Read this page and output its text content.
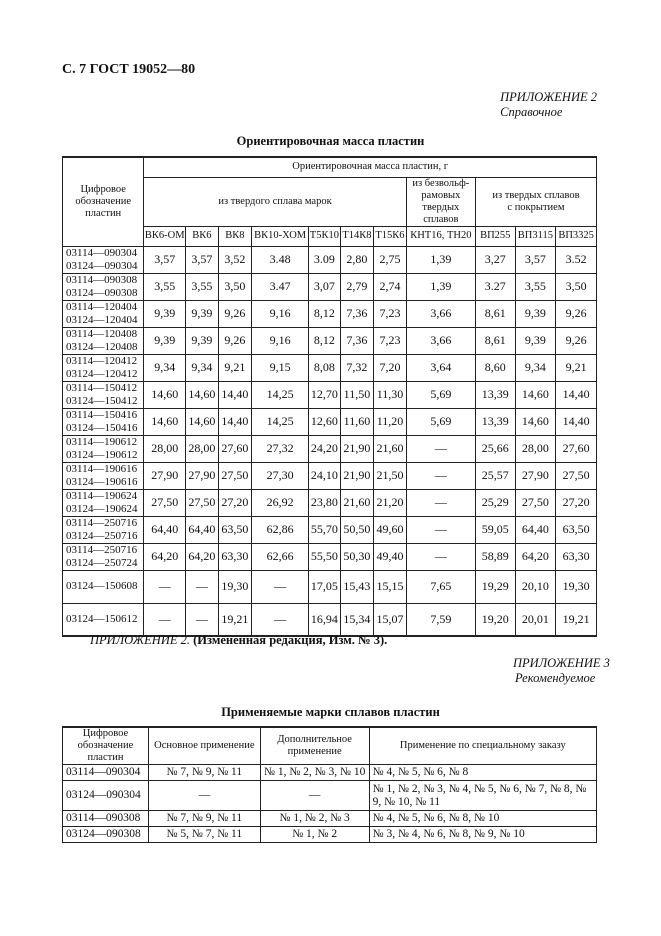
С. 7 ГОСТ 19052—80
ПРИЛОЖЕНИЕ 2
Справочное
Ориентировочная масса пластин
Цифровое обозначение пластин	Ориентировочная масса пластин, г										
	из твердого сплава марок							из безвольф-рамовых твердых сплавов	из твердых сплавов с покрытием		
	ВК6-ОМ	ВК6	ВК8	ВК10-ХОМ	Т5К10	Т14К8	Т15К6	КНТ16, ТН20	ВП255	ВП3115	ВП3325

03114—090304
03124—090304	3,57	3,57	3,52	3.48	3.09	2,80	2,75	1,39	3,27	3,57	3.52

03114—090308
03124—090308	3,55	3,55	3,50	3.47	3,07	2,79	2,74	1,39	3.27	3,55	3,50

03114—120404
03124—120404	9,39	9,39	9,26	9,16	8,12	7,36	7,23	3,66	8,61	9,39	9,26

03114—120408
03124—120408	9,39	9,39	9,26	9,16	8,12	7,36	7,23	3,66	8,61	9,39	9,26

03114—120412
03124—120412	9,34	9,34	9,21	9,15	8,08	7,32	7,20	3,64	8,60	9,34	9,21

03114—150412
03124—150412	14,60	14,60	14,40	14,25	12,70	11,50	11,30	5,69	13,39	14,60	14,40

03114—150416
03124—150416	14,60	14,60	14,40	14,25	12,60	11,60	11,20	5,69	13,39	14,60	14,40

03114—190612
03124—190612	28,00	28,00	27,60	27,32	24,20	21,90	21,60	—	25,66	28,00	27,60

03114—190616
03124—190616	27,90	27,90	27,50	27,30	24,10	21,90	21,50	—	25,57	27,90	27,50

03114—190624
03124—190624	27,50	27,50	27,20	26,92	23,80	21,60	21,20	—	25,29	27,50	27,20

03114—250716
03124—250716	64,40	64,40	63,50	62,86	55,70	50,50	49,60	—	59,05	64,40	63,50

03114—250716
03124—250724	64,20	64,20	63,30	62,66	55,50	50,30	49,40	—	58,89	64,20	63,30

03124—150608	—	—	19,30	—	17,05	15,43	15,15	7,65	19,29	20,10	19,30

03124—150612	—	—	19,21	—	16,94	15,34	15,07	7,59	19,20	20,01	19,21
ПРИЛОЖЕНИЕ 2. (Измененная редакция, Изм. № 3).
ПРИЛОЖЕНИЕ 3
Рекомендуемое
Применяемые марки сплавов пластин
Цифровое обозначение пластин	Основное применение	Дополнительное применение	Применение по специальному заказу
03114—090304	№ 7, № 9, № 11	№ 1, № 2, № 3, № 10	№ 4, № 5, № 6, № 8
03124—090304	—	—	№ 1, № 2, № 3, № 4, № 5, № 6, № 7, № 8, № 9, № 10, № 11
03114—090308	№ 7, № 9, № 11	№ 1, № 2, № 3	№ 4, № 5, № 6, № 8, № 10
03124—090308	№ 5, № 7, № 11	№ 1, № 2	№ 3, № 4, № 6, № 8, № 9, № 10
